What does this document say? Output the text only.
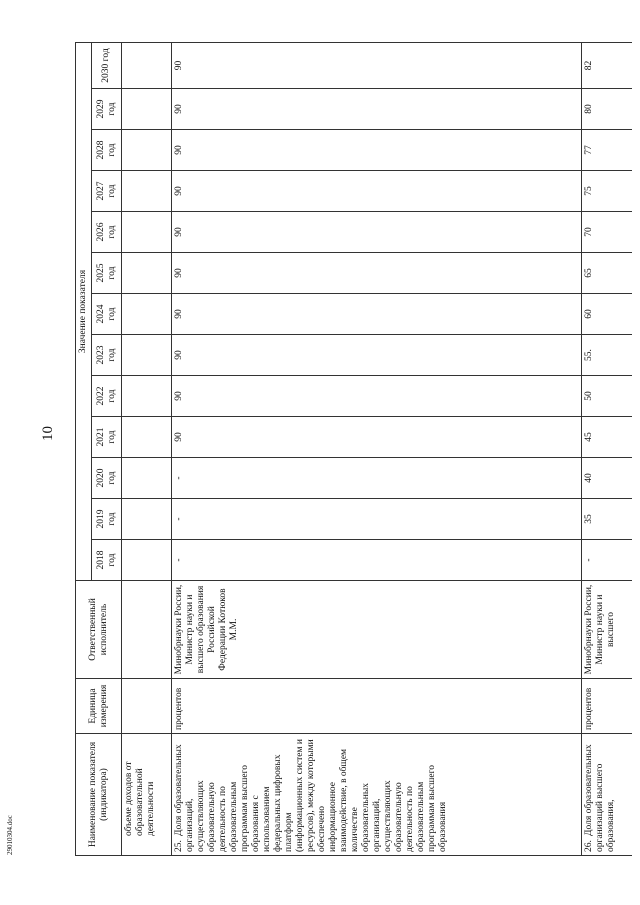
10
29010304.doc	Наименование показателя (индикатора)	Единица измерения	Ответственный исполнитель	Значение показателя												
			2018 год	2019 год	2020 год	2021 год	2022 год	2023 год	2024 год	2025 год	2026 год	2027 год	2028 год	2029 год	2030 год

объеме доходов от образовательной деятельности															

25.Доля образовательных организаций, осуществляющих образовательную деятельность по образовательным программам высшего образования с использованием федеральных цифровых платформ (информационных систем и ресурсов), между которыми обеспечено информационное взаимодействие, в общем количестве образовательных организаций, осуществляющих образовательную деятельность по образовательным программам высшего образования	процентов	Минобрнауки России, Министр науки и высшего образования Российской Федерации Котюков М.М.	-	-	-	90	90	90	90	90	90	90	90	90	90
26.Доля образовательных организаций высшего образования,	процентов	Минобрнауки России, Министр науки и высшего	-	35	40	45	50	55.	60	65	70	75	77	80	82
